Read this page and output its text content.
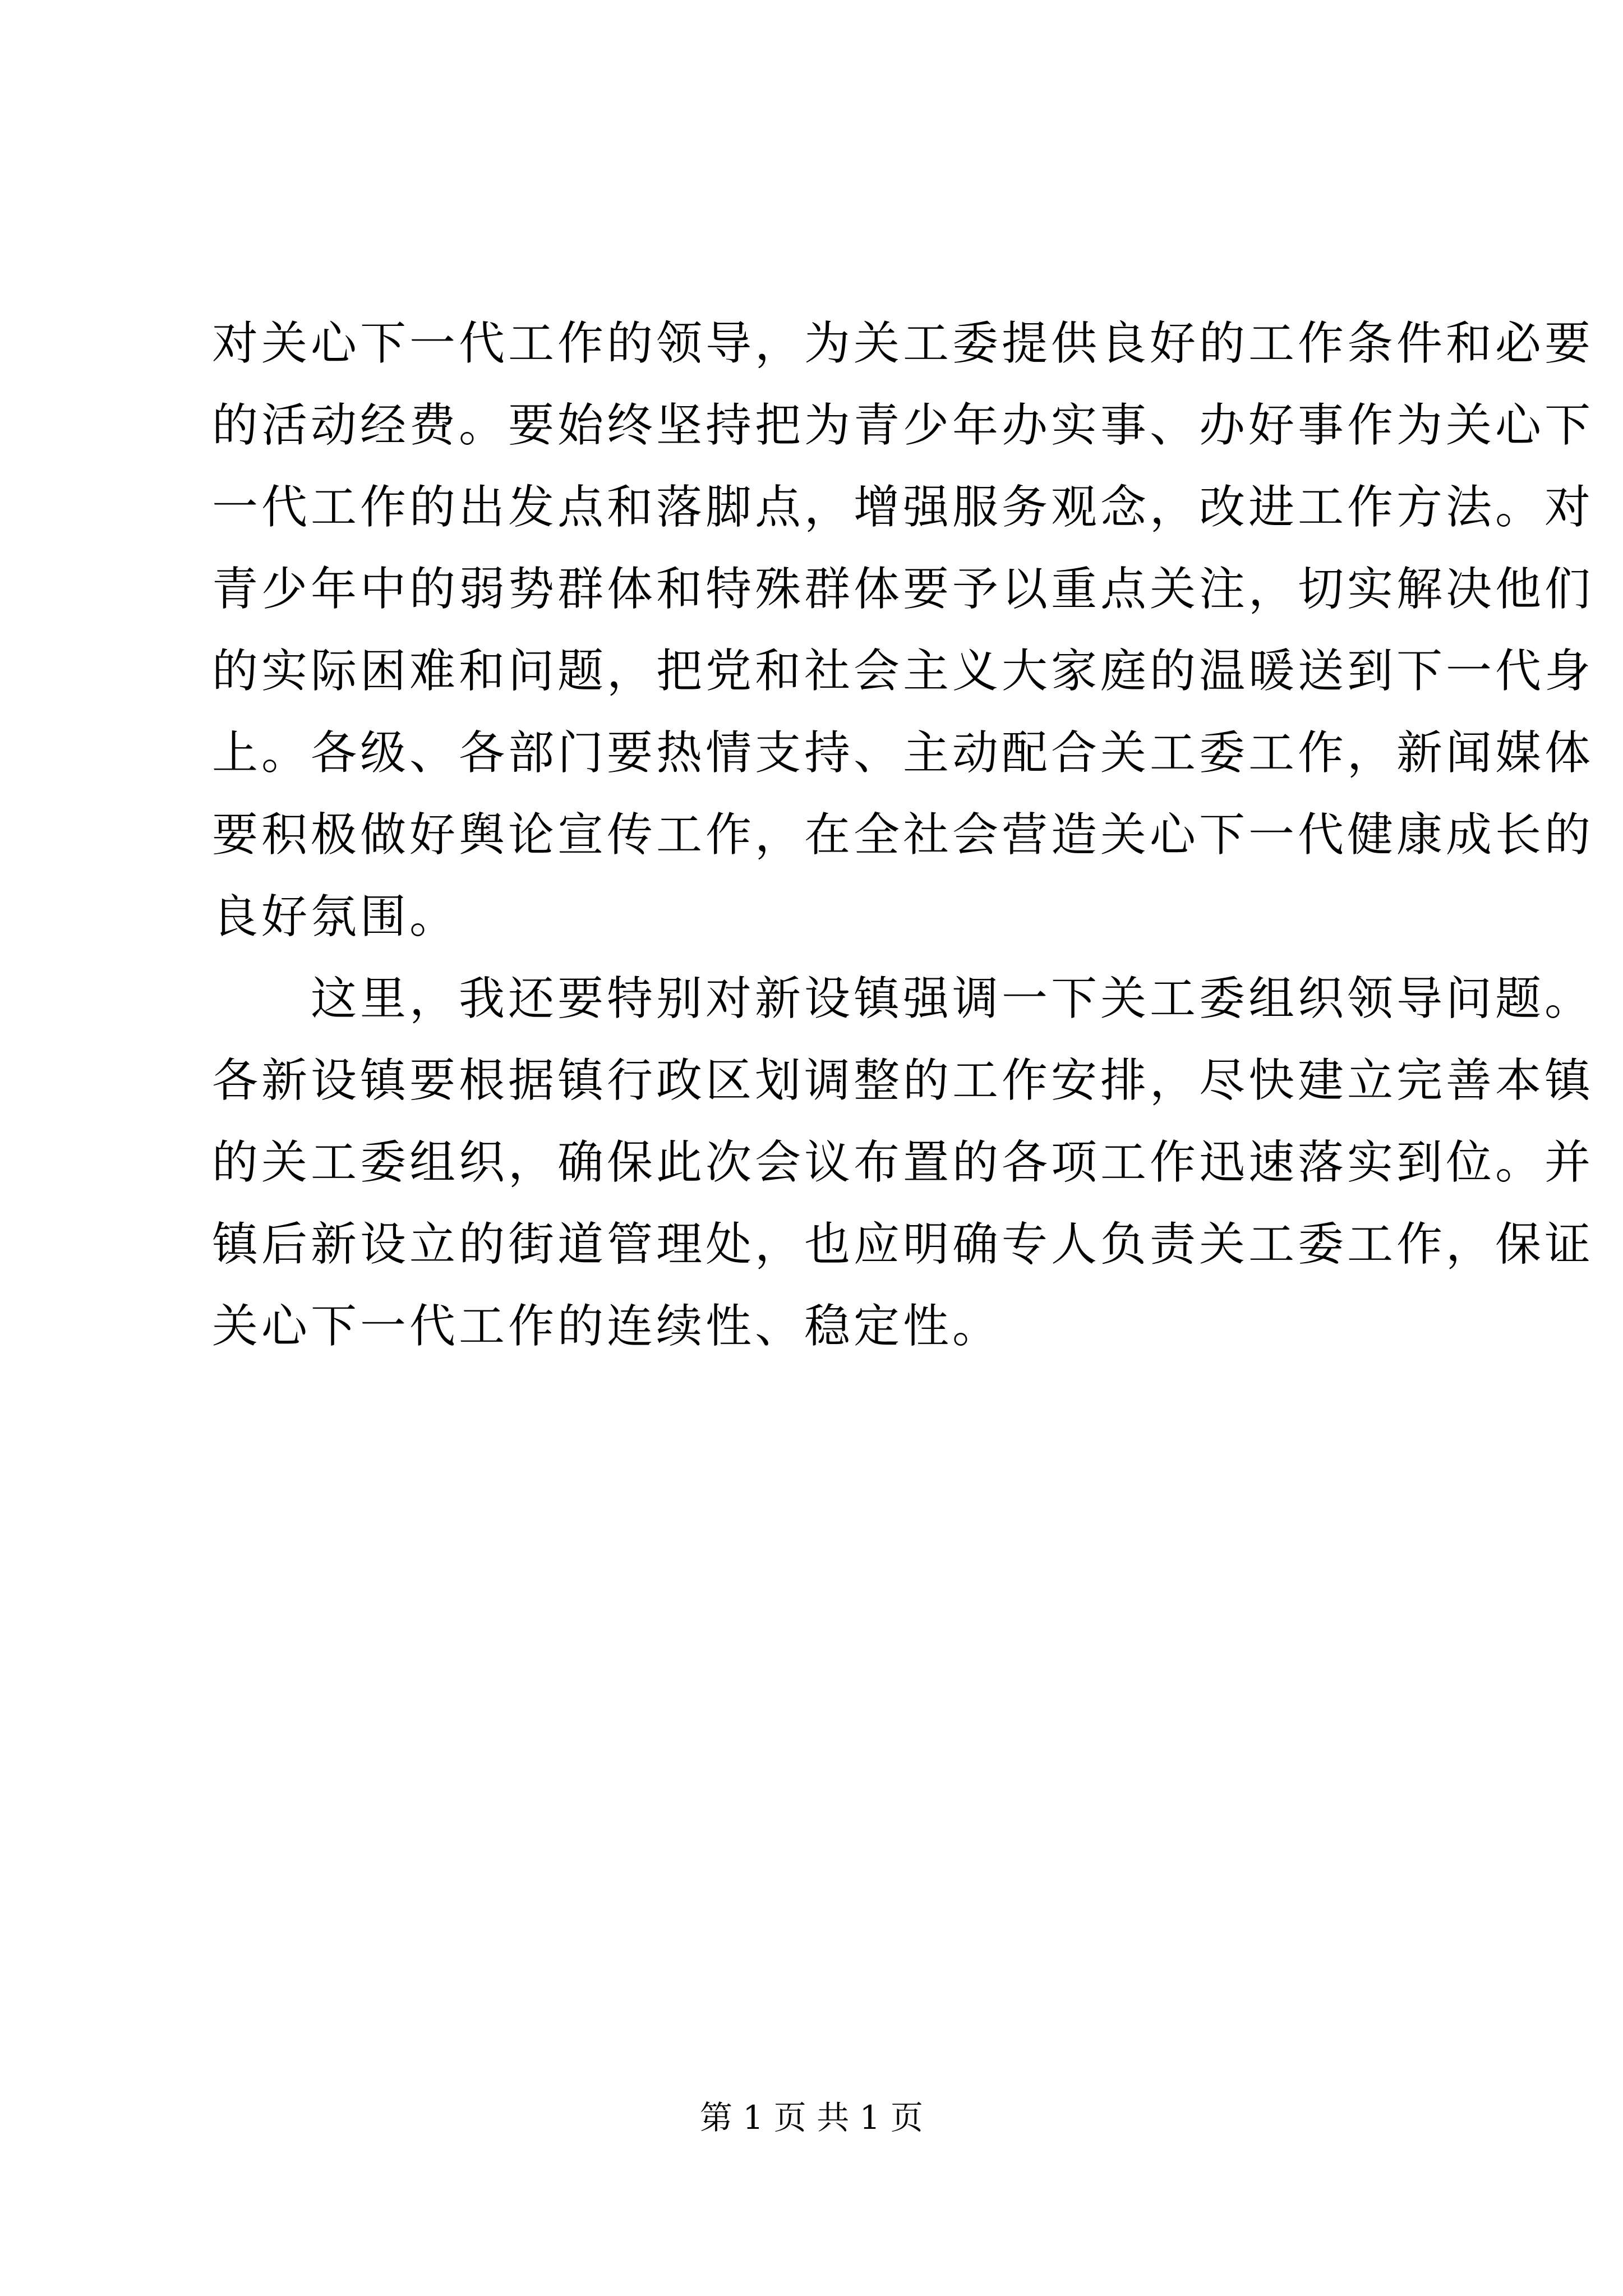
对关心下一代工作的领导，为关工委提供良好的工作条件和必要
的活动经费。要始终坚持把为青少年办实事、办好事作为关心下
一代工作的出发点和落脚点，增强服务观念，改进工作方法。对
青少年中的弱势群体和特殊群体要予以重点关注，切实解决他们
的实际困难和问题，把党和社会主义大家庭的温暖送到下一代身
上。各级、各部门要热情支持、主动配合关工委工作，新闻媒体
要积极做好舆论宣传工作，在全社会营造关心下一代健康成长的
良好氛围。
　　这里，我还要特别对新设镇强调一下关工委组织领导问题。
各新设镇要根据镇行政区划调整的工作安排，尽快建立完善本镇
的关工委组织，确保此次会议布置的各项工作迅速落实到位。并
镇后新设立的街道管理处，也应明确专人负责关工委工作，保证
关心下一代工作的连续性、稳定性。
第 1 页 共 1 页
